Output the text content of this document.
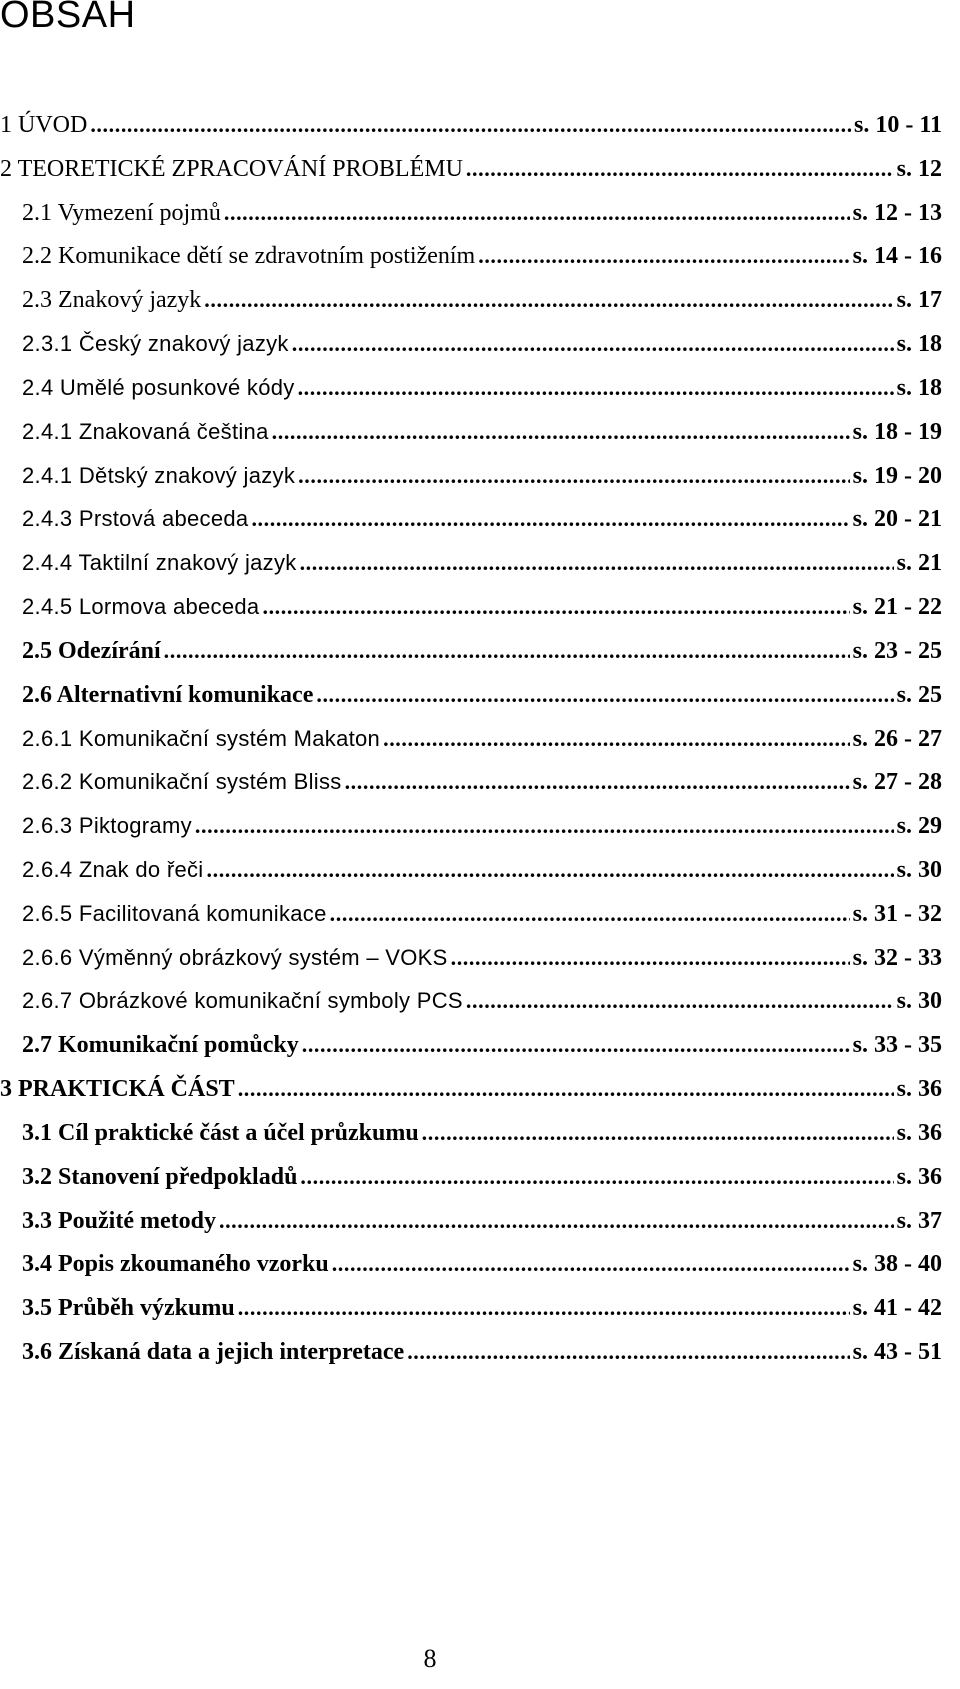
OBSAH
1 ÚVOD .....	s. 10 - 11
2 TEORETICKÉ ZPRACOVÁNÍ PROBLÉMU .....	s. 12
2.1 Vymezení pojmů .....	s. 12 - 13
2.2 Komunikace dětí se zdravotním postižením .....	s. 14 - 16
2.3 Znakový jazyk .....	s. 17
2.3.1 Český znakový jazyk .....	s. 18
2.4 Umělé posunkové kódy .....	s. 18
2.4.1 Znakovaná čeština .....	s. 18 - 19
2.4.1 Dětský znakový jazyk .....	s. 19 - 20
2.4.3 Prstová abeceda .....	s. 20 - 21
2.4.4 Taktilní znakový jazyk .....	s. 21
2.4.5 Lormova abeceda .....	s. 21 - 22
2.5 Odezírání .....	s. 23 - 25
2.6 Alternativní komunikace .....	s. 25
2.6.1 Komunikační systém Makaton .....	s. 26 - 27
2.6.2 Komunikační systém Bliss .....	s. 27 - 28
2.6.3 Piktogramy .....	s. 29
2.6.4 Znak do řeči .....	s. 30
2.6.5 Facilitovaná komunikace .....	s. 31 - 32
2.6.6 Výměnný obrázkový systém – VOKS .....	s. 32 - 33
2.6.7 Obrázkové komunikační symboly PCS .....	s. 30
2.7 Komunikační pomůcky .....	s. 33 - 35
3 PRAKTICKÁ ČÁST .....	s. 36
3.1 Cíl praktické část a účel průzkumu .....	s. 36
3.2 Stanovení předpokladů .....	s. 36
3.3 Použité metody .....	s. 37
3.4 Popis zkoumaného vzorku .....	s. 38 - 40
3.5 Průběh výzkumu .....	s. 41 - 42
3.6 Získaná data a jejich interpretace .....	s. 43 - 51
8
